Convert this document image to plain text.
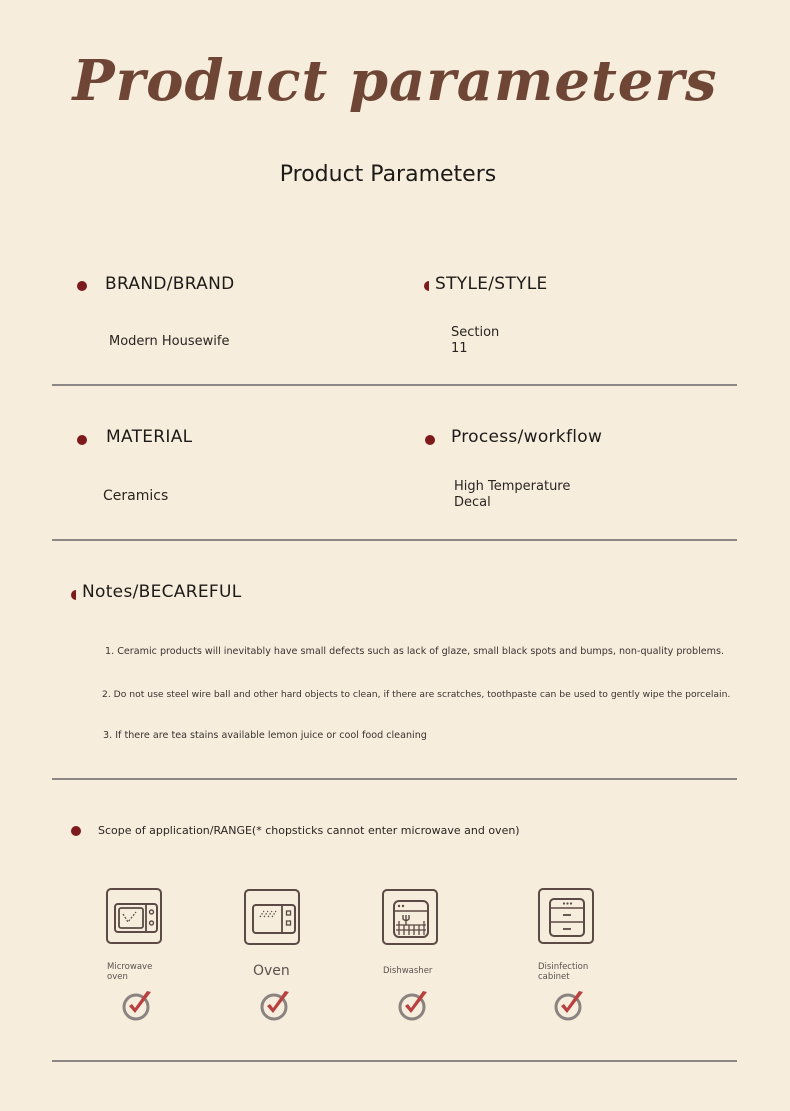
Product parameters
Product Parameters
BRAND/BRAND
Modern Housewife
STYLE/STYLE
Section
11
MATERIAL
Ceramics
Process/workflow
High Temperature
Decal
Notes/BECAREFUL
1. Ceramic products will inevitably have small defects such as lack of glaze, small black spots and bumps, non-quality problems.
2. Do not use steel wire ball and other hard objects to clean, if there are scratches, toothpaste can be used to gently wipe the porcelain.
3. If there are tea stains available lemon juice or cool food cleaning
Scope of application/RANGE(* chopsticks cannot enter microwave and oven)
Microwave
oven	Oven	Dishwasher	Disinfection
cabinet
